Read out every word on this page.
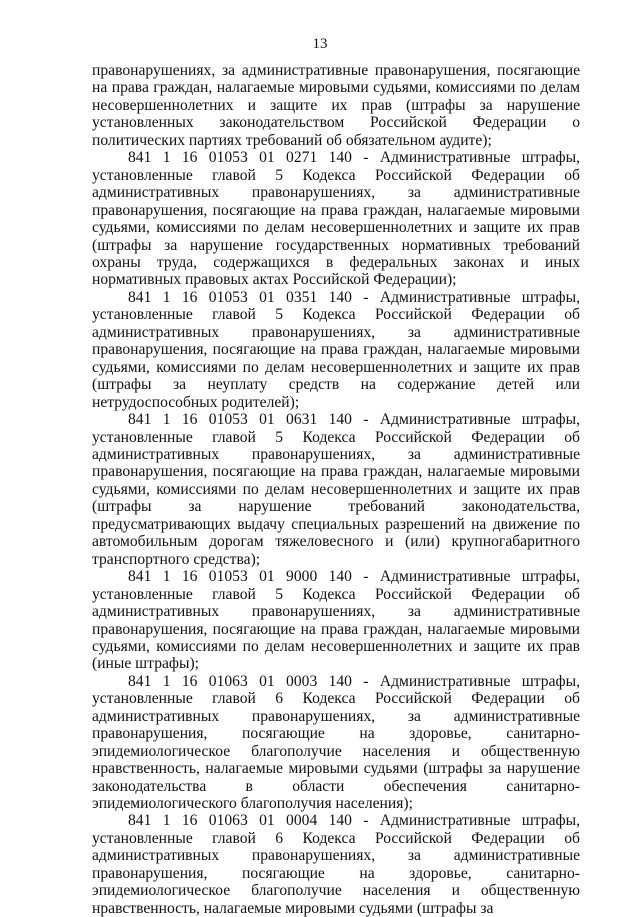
13

правонарушениях, за административные правонарушения, посягающие на права граждан, налагаемые мировыми судьями, комиссиями по делам несовершеннолетних и защите их прав (штрафы за нарушение установленных законодательством Российской Федерации о политических партиях требований об обязательном аудите);

841 1 16 01053 01 0271 140 - Административные штрафы, установленные главой 5 Кодекса Российской Федерации об административных правонарушениях, за административные правонарушения, посягающие на права граждан, налагаемые мировыми судьями, комиссиями по делам несовершеннолетних и защите их прав (штрафы за нарушение государственных нормативных требований охраны труда, содержащихся в федеральных законах и иных нормативных правовых актах Российской Федерации);

841 1 16 01053 01 0351 140 - Административные штрафы, установленные главой 5 Кодекса Российской Федерации об административных правонарушениях, за административные правонарушения, посягающие на права граждан, налагаемые мировыми судьями, комиссиями по делам несовершеннолетних и защите их прав (штрафы за неуплату средств на содержание детей или нетрудоспособных родителей);

841 1 16 01053 01 0631 140 - Административные штрафы, установленные главой 5 Кодекса Российской Федерации об административных правонарушениях, за административные правонарушения, посягающие на права граждан, налагаемые мировыми судьями, комиссиями по делам несовершеннолетних и защите их прав (штрафы за нарушение требований законодательства, предусматривающих выдачу специальных разрешений на движение по автомобильным дорогам тяжеловесного и (или) крупногабаритного транспортного средства);

841 1 16 01053 01 9000 140 - Административные штрафы, установленные главой 5 Кодекса Российской Федерации об административных правонарушениях, за административные правонарушения, посягающие на права граждан, налагаемые мировыми судьями, комиссиями по делам несовершеннолетних и защите их прав (иные штрафы);

841 1 16 01063 01 0003 140 - Административные штрафы, установленные главой 6 Кодекса Российской Федерации об административных правонарушениях, за административные правонарушения, посягающие на здоровье, санитарно-эпидемиологическое благополучие населения и общественную нравственность, налагаемые мировыми судьями (штрафы за нарушение законодательства в области обеспечения санитарно-эпидемиологического благополучия населения);

841 1 16 01063 01 0004 140 - Административные штрафы, установленные главой 6 Кодекса Российской Федерации об административных правонарушениях, за административные правонарушения, посягающие на здоровье, санитарно-эпидемиологическое благополучие населения и общественную нравственность, налагаемые мировыми судьями (штрафы за
